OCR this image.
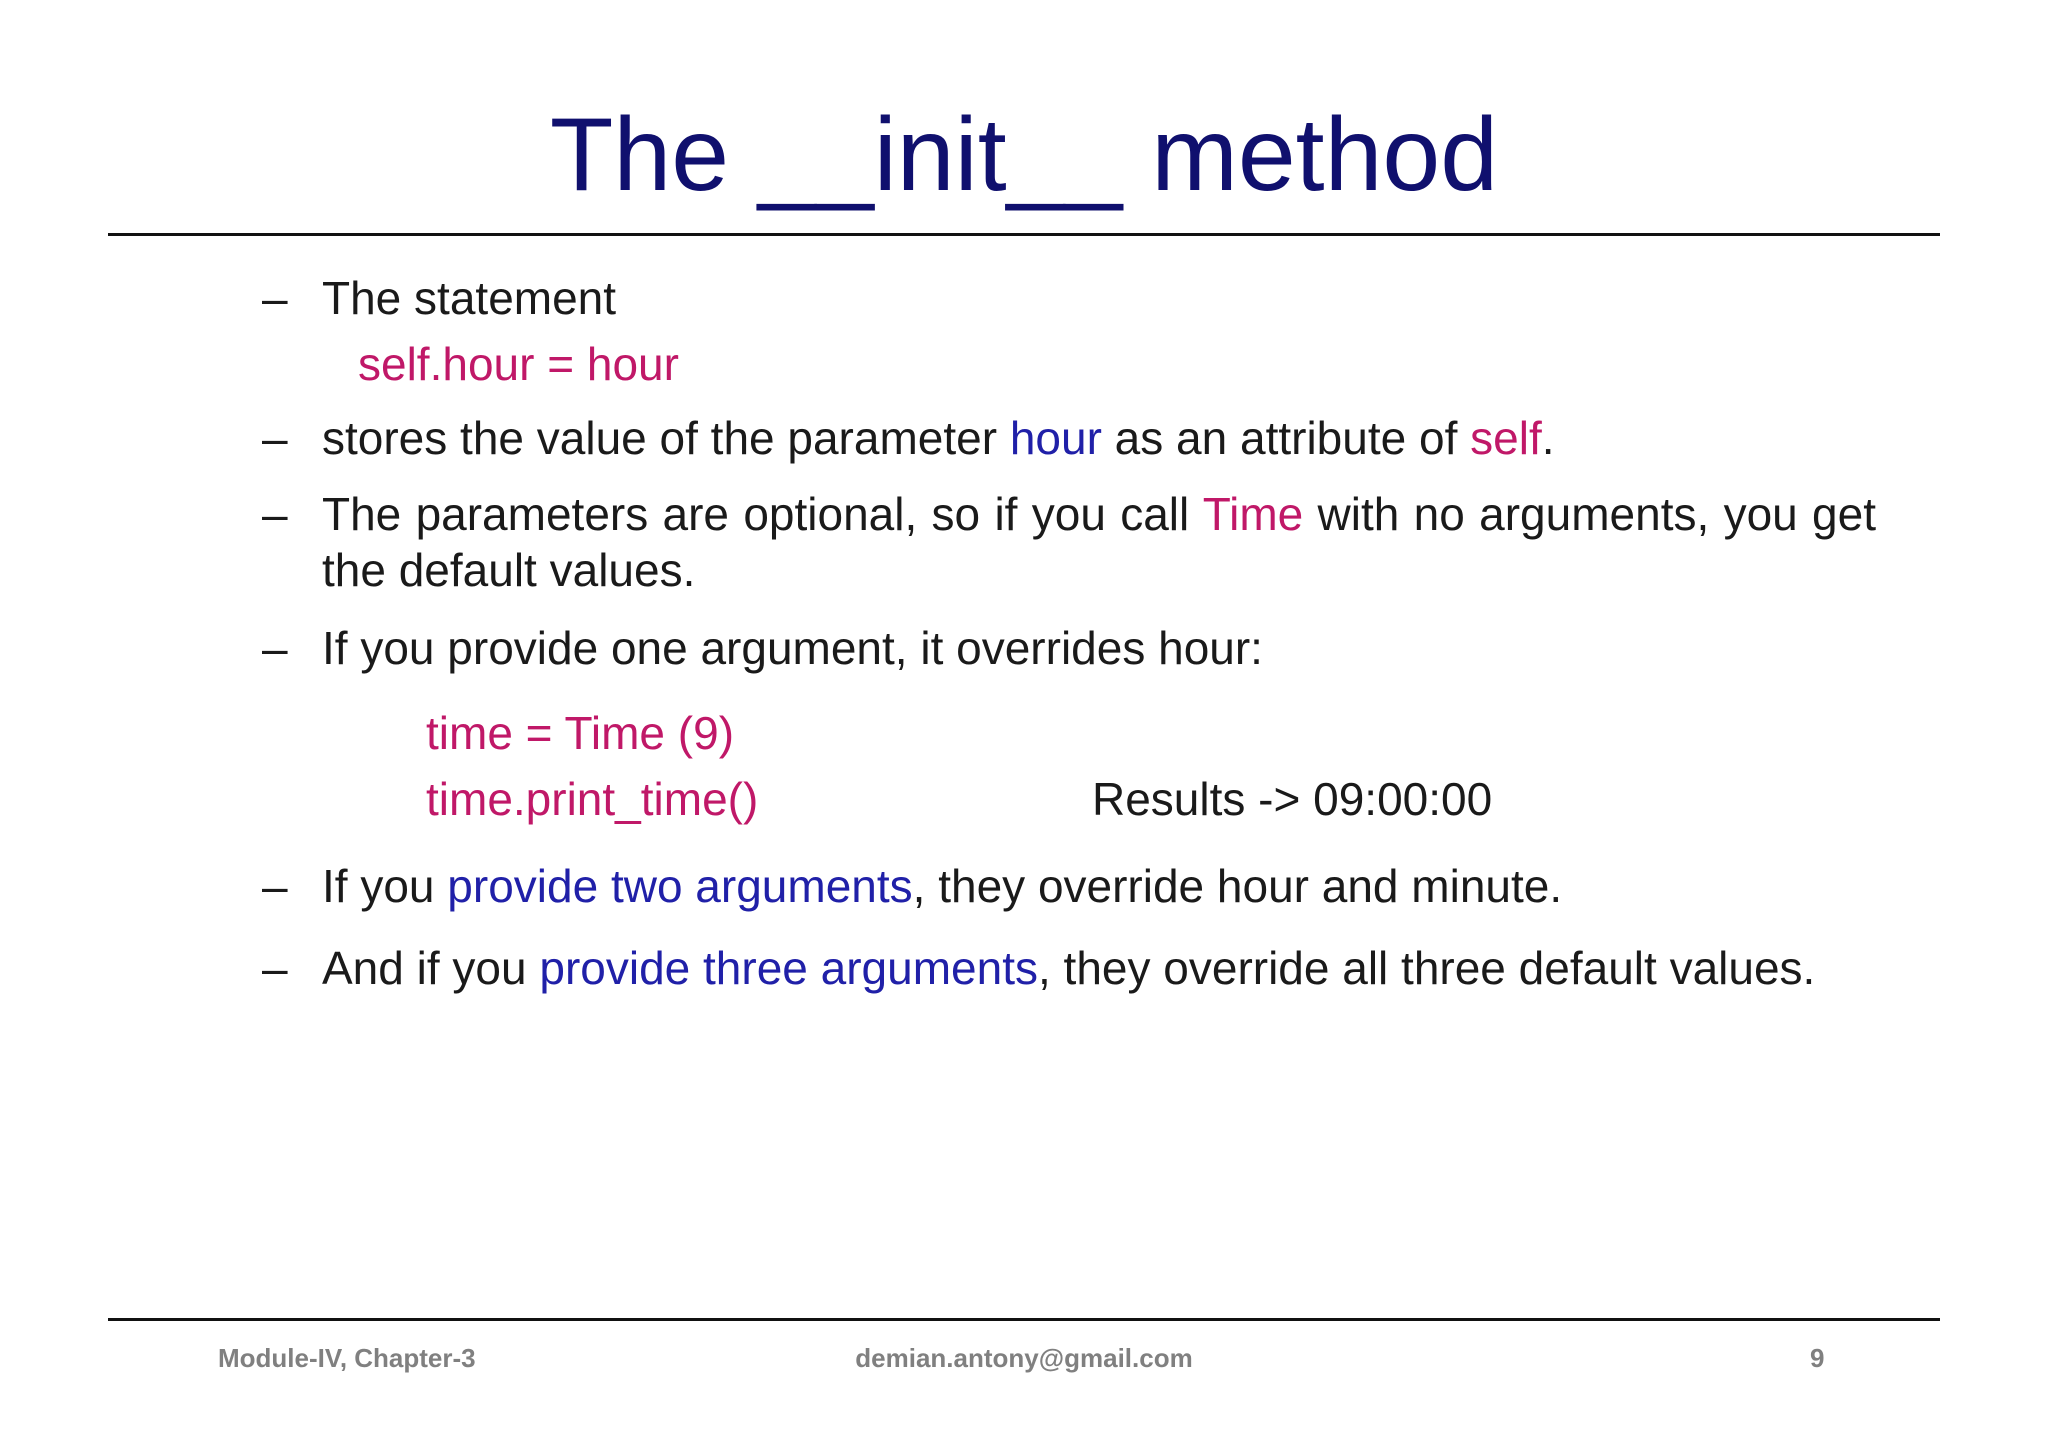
The __init__ method
– The statement
self.hour = hour
– stores the value of the parameter hour as an attribute of self.
– The parameters are optional, so if you call Time with no arguments, you get the default values.
– If you provide one argument, it overrides hour:
time = Time (9)
time.print_time()	Results -> 09:00:00
– If you provide two arguments, they override hour and minute.
– And if you provide three arguments, they override all three default values.
Module-IV, Chapter-3	demian.antony@gmail.com	9
